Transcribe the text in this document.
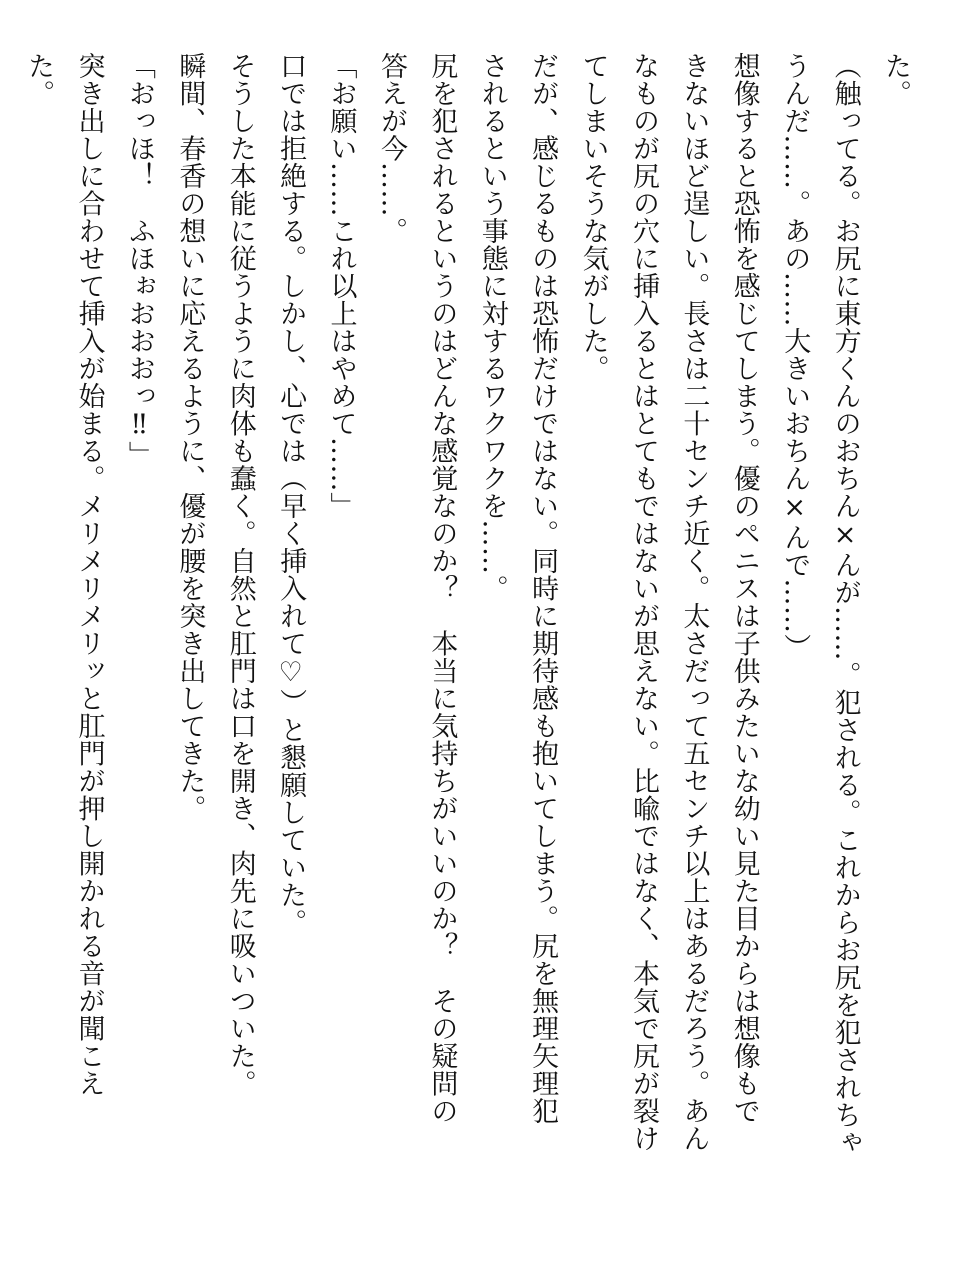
た。
（触ってる。お尻に東方くんのおちん×んが……。犯される。これからお尻を犯されちゃ
うんだ……。あの……大きいおちん×んで……）
想像すると恐怖を感じてしまう。優のペニスは子供みたいな幼い見た目からは想像もで
きないほど逞しい。長さは二十センチ近く。太さだって五センチ以上はあるだろう。あん
なものが尻の穴に挿入るとはとてもではないが思えない。比喩ではなく、本気で尻が裂け
てしまいそうな気がした。
だが、感じるものは恐怖だけではない。同時に期待感も抱いてしまう。尻を無理矢理犯
されるという事態に対するワクワクを……。
尻を犯されるというのはどんな感覚なのか？　本当に気持ちがいいのか？　その疑問の
答えが今……。
「お願い……これ以上はやめて……」
口では拒絶する。しかし、心では（早く挿入れて♡）と懇願していた。
そうした本能に従うように肉体も蠢く。自然と肛門は口を開き、肉先に吸いついた。
瞬間、春香の想いに応えるように、優が腰を突き出してきた。
「おっほ！　ふほぉおおおっ‼」
突き出しに合わせて挿入が始まる。メリメリメリッと肛門が押し開かれる音が聞こえ
た。
